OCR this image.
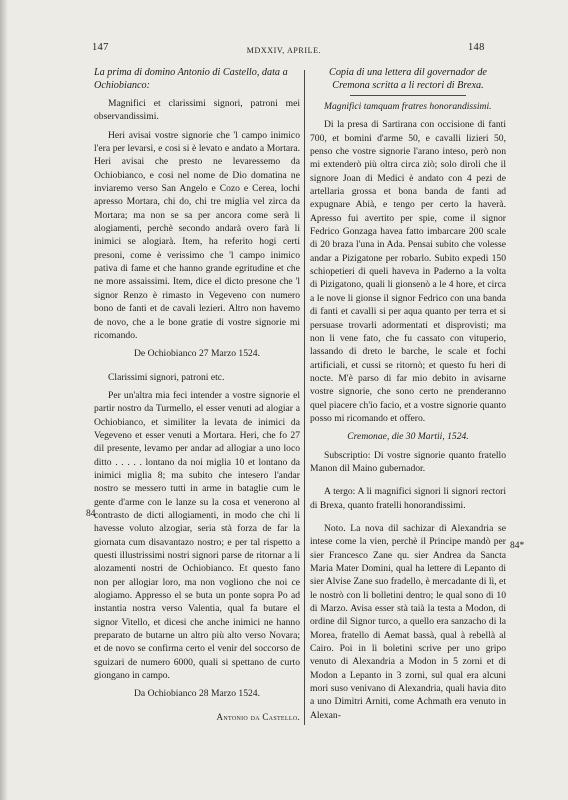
147	MDXXIV, APRILE.	148
84
84*

La prima di domino Antonio di Castello, data a Ochiobianco:

Magnifici et clarissimi signori, patroni mei observandissimi.

Heri avisai vostre signorie che 'l campo inimico l'era per levarsi, e cosi si è levato e andato a Mortara. Heri avisai che presto ne levaressemo da Ochiobianco, e cosi nel nome de Dio domatina ne inviaremo verso San Angelo e Cozo e Cerea, lochi apresso Mortara, chi do, chi tre miglia vel zirca da Mortara; ma non se sa per ancora come serà li alogiamenti, perchè secondo andarà overo farà li inimici se alogiarà. Item, ha referito hogi certi presoni, come è verissimo che 'l campo inimico pativa di fame et che hanno grande egritudine et che ne more assaissimi. Item, dice el dicto presone che 'l signor Renzo è rimasto in Vegeveno con numero bono de fanti et de cavali lezieri. Altro non havemo de novo, che a le bone gratie di vostre signorie mi ricomando.

De Ochiobianco 27 Marzo 1524.

Clarissimi signori, patroni etc.

Per un'altra mia feci intender a vostre signorie el partir nostro da Turmello, el esser venuti ad alogiar a Ochiobianco, et similiter la levata de inimici da Vegeveno et esser venuti a Mortara. Heri, che fo 27 dil presente, levamo per andar ad allogiar a uno loco ditto . . . . . lontano da noi miglia 10 et lontano da inimici miglia 8; ma subito che intesero l'andar nostro se messero tutti in arme in bataglie cum le gente d'arme con le lanze su la cosa et venerono al contrasto de dicti allogiamenti, in modo che chi li havesse voluto alzogiar, seria stà forza de far la giornata cum disavantazo nostro; e per tal rispetto a questi illustrissimi nostri signori parse de ritornar a li alozamenti nostri de Ochiobianco. Et questo fano non per allogiar loro, ma non vogliono che noi ce alogiamo. Appresso el se buta un ponte sopra Po ad instantia nostra verso Valentia, qual fa butare el signor Vitello, et dicesi che anche inimici ne hanno preparato de butarne un altro più alto verso Novara; et de novo se confirma certo el venir del soccorso de sguizari de numero 6000, quali si spettano de curto giongano in campo.

Da Ochiobianco 28 Marzo 1524.

Antonio da Castello.

Copia di una lettera dil governador de Cremona scritta a li rectori di Brexa.

Magnifici tamquam fratres honorandissimi.

Di la presa di Sartirana con occisione di fanti 700, et bomini d'arme 50, e cavalli lizieri 50, penso che vostre signorie l'arano inteso, però non mi extenderò più oltra circa ziò; solo diroli che il signore Joan di Medici è andato con 4 pezi de artellaria grossa et bona banda de fanti ad expugnare Abià, e tengo per certo la haverà. Apresso fui avertito per spie, come il signor Fedrico Gonzaga havea fatto imbarcare 200 scale di 20 braza l'una in Ada. Pensai subito che volesse andar a Pizigatone per robarlo. Subito expedi 150 schiopetieri di queli haveva in Paderno a la volta di Pizigatono, quali li gionsenò a le 4 hore, et circa a le nove li gionse il signor Fedrico con una banda di fanti et cavalli si per aqua quanto per terra et si persuase trovarli adormentati et disprovisti; ma non li vene fato, che fu cassato con vituperio, lassando di dreto le barche, le scale et fochi artificiali, et cussi se ritornò; et questo fu heri di nocte. M'è parso di far mio debito in avisarne vostre signorie, che sono certo ne prenderanno quel piacere ch'io facio, et a vostre signorie quanto posso mi ricomando et offero.

Cremonae, die 30 Martii, 1524.

Subscriptio: Di vostre signorie quanto fratello Manon dil Maino gubernador.

A tergo: A li magnifici signori li signori rectori di Brexa, quanto fratelli honorandissimi.

Noto. La nova dil sachizar di Alexandria se intese come la vien, perchè il Principe mandò per sier Francesco Zane qu. sier Andrea da Sancta Maria Mater Domini, qual ha lettere di Lepanto di sier Alvise Zane suo fradello, è mercadante di lì, et le nostrò con li bolletini dentro; le qual sono di 10 di Marzo. Avisa esser stà taià la testa a Modon, di ordine dil Signor turco, a quello era sanzacho di la Morea, fratello di Aemat bassà, qual à rebellà al Cairo. Poi in li boletini scrive per uno gripo venuto di Alexandria a Modon in 5 zorni et di Modon a Lepanto in 3 zorni, sul qual era alcuni mori suso venivano di Alexandria, quali havia dito a uno Dimitri Arniti, come Achmath era venuto in Alexan-
